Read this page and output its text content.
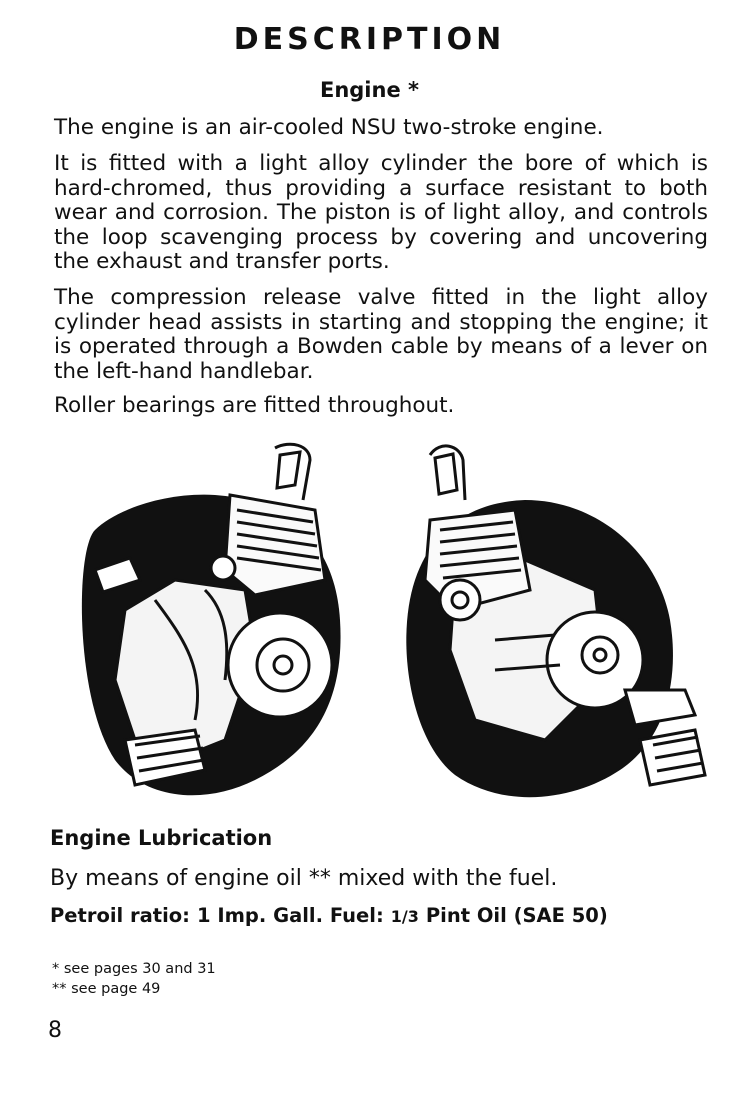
DESCRIPTION
Engine *
The engine is an air-cooled NSU two-stroke engine.
It is fitted with a light alloy cylinder the bore of which is hard-chromed, thus providing a surface resistant to both wear and corrosion. The piston is of light alloy, and controls the loop scavenging process by covering and uncovering the exhaust and transfer ports.
The compression release valve fitted in the light alloy cylinder head assists in starting and stopping the engine; it is operated through a Bowden cable by means of a lever on the left-hand handlebar.
Roller bearings are fitted throughout.
Engine Lubrication
By means of engine oil ** mixed with the fuel.
Petroil ratio: 1 Imp. Gall. Fuel: 1/3 Pint Oil (SAE 50)
* see pages 30 and 31
** see page 49
8
